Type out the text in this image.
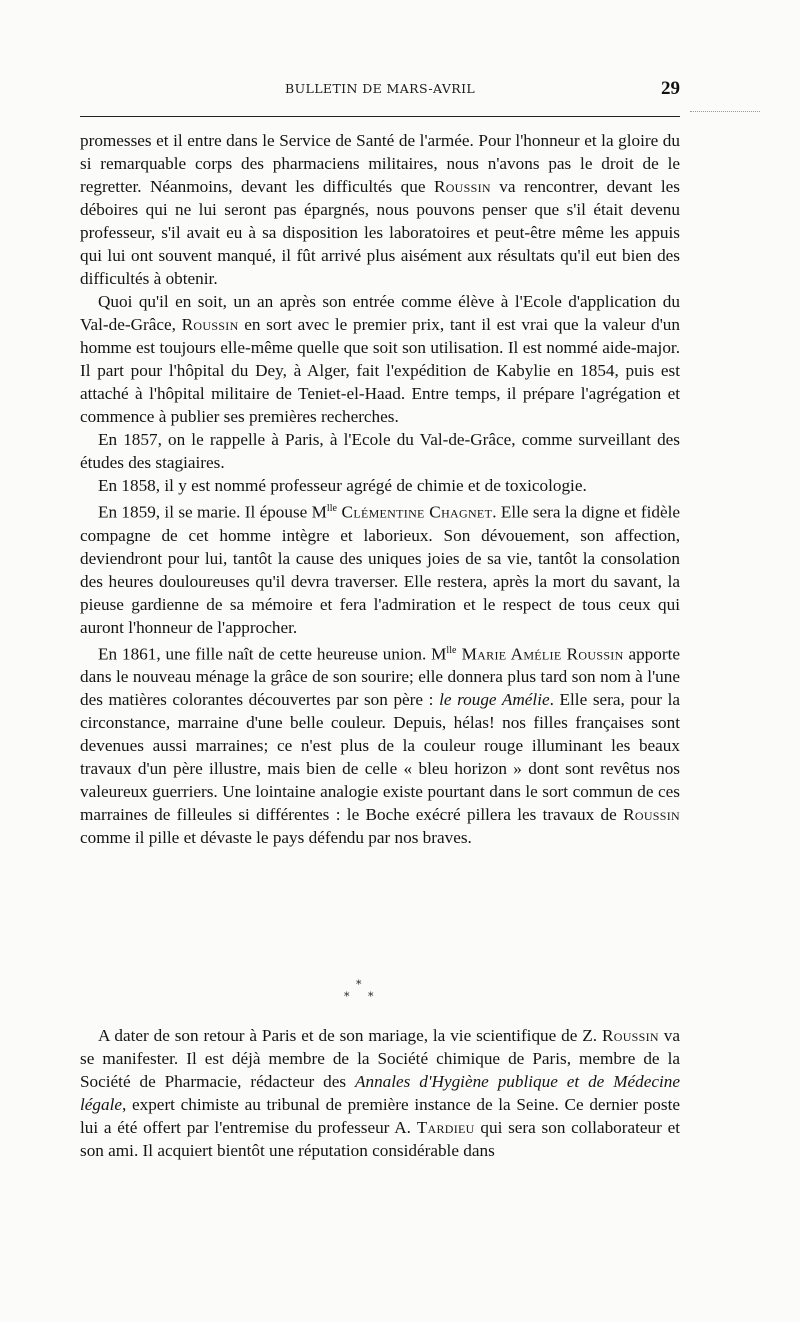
BULLETIN DE MARS-AVRIL	29

promesses et il entre dans le Service de Santé de l'armée. Pour l'honneur et la gloire du si remarquable corps des pharmaciens militaires, nous n'avons pas le droit de le regretter. Néanmoins, devant les difficultés que Roussin va rencontrer, devant les déboires qui ne lui seront pas épargnés, nous pouvons penser que s'il était devenu professeur, s'il avait eu à sa disposition les laboratoires et peut-être même les appuis qui lui ont souvent manqué, il fût arrivé plus aisément aux résultats qu'il eut bien des difficultés à obtenir.

Quoi qu'il en soit, un an après son entrée comme élève à l'Ecole d'application du Val-de-Grâce, Roussin en sort avec le premier prix, tant il est vrai que la valeur d'un homme est toujours elle-même quelle que soit son utilisation. Il est nommé aide-major. Il part pour l'hôpital du Dey, à Alger, fait l'expédition de Kabylie en 1854, puis est attaché à l'hôpital militaire de Teniet-el-Haad. Entre temps, il prépare l'agrégation et commence à publier ses premières recherches.

En 1857, on le rappelle à Paris, à l'Ecole du Val-de-Grâce, comme surveillant des études des stagiaires.

En 1858, il y est nommé professeur agrégé de chimie et de toxicologie.

En 1859, il se marie. Il épouse $M^{lle}$ Clémentine Chagnet. Elle sera la digne et fidèle compagne de cet homme intègre et laborieux. Son dévouement, son affection, deviendront pour lui, tantôt la cause des uniques joies de sa vie, tantôt la consolation des heures douloureuses qu'il devra traverser. Elle restera, après la mort du savant, la pieuse gardienne de sa mémoire et fera l'admiration et le respect de tous ceux qui auront l'honneur de l'approcher.

En 1861, une fille naît de cette heureuse union. $M^{lle}$ Marie Amélie Roussin apporte dans le nouveau ménage la grâce de son sourire; elle donnera plus tard son nom à l'une des matières colorantes découvertes par son père : le rouge Amélie. Elle sera, pour la circonstance, marraine d'une belle couleur. Depuis, hélas! nos filles françaises sont devenues aussi marraines; ce n'est plus de la couleur rouge illuminant les beaux travaux d'un père illustre, mais bien de celle « bleu horizon » dont sont revêtus nos valeureux guerriers. Une lointaine analogie existe pourtant dans le sort commun de ces marraines de filleules si différentes : le Boche exécré pillera les travaux de Roussin comme il pille et dévaste le pays défendu par nos braves.

*
* *

A dater de son retour à Paris et de son mariage, la vie scientifique de Z. Roussin va se manifester. Il est déjà membre de la Société chimique de Paris, membre de la Société de Pharmacie, rédacteur des Annales d'Hygiène publique et de Médecine légale, expert chimiste au tribunal de première instance de la Seine. Ce dernier poste lui a été offert par l'entremise du professeur A. Tardieu qui sera son collaborateur et son ami. Il acquiert bientôt une réputation considérable dans
